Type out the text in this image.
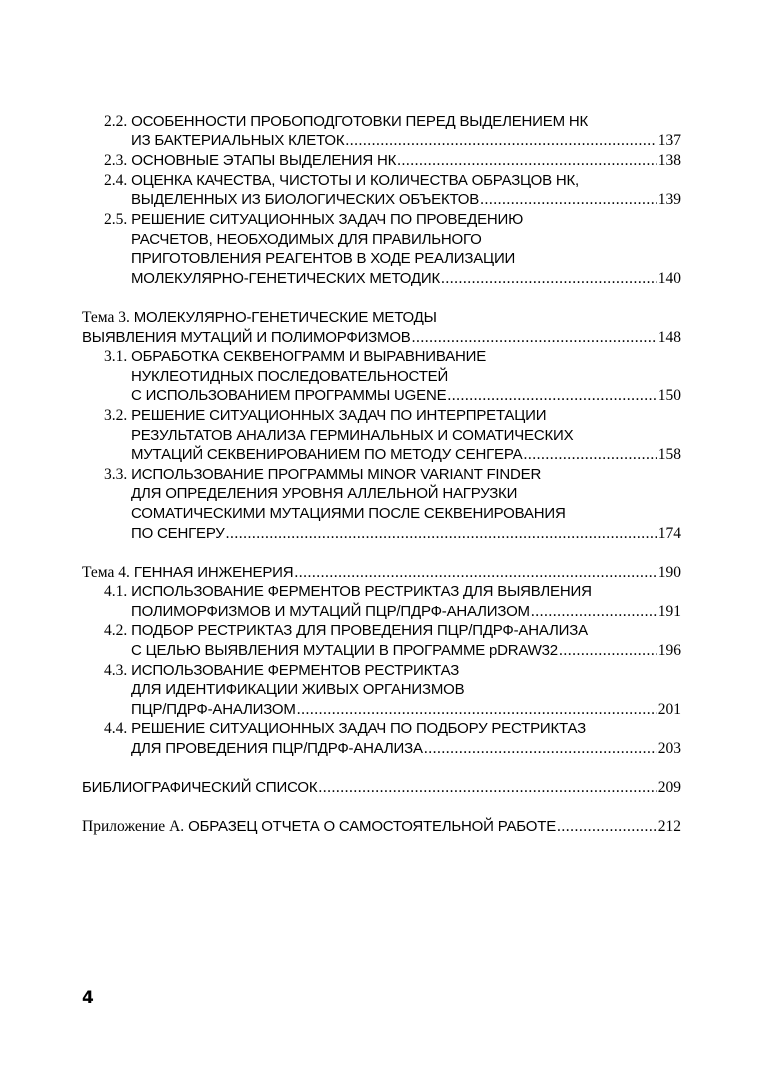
2.2. ОСОБЕННОСТИ ПРОБОПОДГОТОВКИ ПЕРЕД ВЫДЕЛЕНИЕМ НК
ИЗ БАКТЕРИАЛЬНЫХ КЛЕТОК .....	137
2.3. ОСНОВНЫЕ ЭТАПЫ ВЫДЕЛЕНИЯ НК .....	138
2.4. ОЦЕНКА КАЧЕСТВА, ЧИСТОТЫ И КОЛИЧЕСТВА ОБРАЗЦОВ НК,
ВЫДЕЛЕННЫХ ИЗ БИОЛОГИЧЕСКИХ ОБЪЕКТОВ .....	139
2.5. РЕШЕНИЕ СИТУАЦИОННЫХ ЗАДАЧ ПО ПРОВЕДЕНИЮ
РАСЧЕТОВ, НЕОБХОДИМЫХ ДЛЯ ПРАВИЛЬНОГО
ПРИГОТОВЛЕНИЯ РЕАГЕНТОВ В ХОДЕ РЕАЛИЗАЦИИ
МОЛЕКУЛЯРНО-ГЕНЕТИЧЕСКИХ МЕТОДИК .....	140
Тема 3. МОЛЕКУЛЯРНО-ГЕНЕТИЧЕСКИЕ МЕТОДЫ
ВЫЯВЛЕНИЯ МУТАЦИЙ И ПОЛИМОРФИЗМОВ .....	148
3.1. ОБРАБОТКА СЕКВЕНОГРАММ И ВЫРАВНИВАНИЕ
НУКЛЕОТИДНЫХ ПОСЛЕДОВАТЕЛЬНОСТЕЙ
С ИСПОЛЬЗОВАНИЕМ ПРОГРАММЫ UGENE .....	150
3.2. РЕШЕНИЕ СИТУАЦИОННЫХ ЗАДАЧ ПО ИНТЕРПРЕТАЦИИ
РЕЗУЛЬТАТОВ АНАЛИЗА ГЕРМИНАЛЬНЫХ И СОМАТИЧЕСКИХ
МУТАЦИЙ СЕКВЕНИРОВАНИЕМ ПО МЕТОДУ СЕНГЕРА .....	158
3.3. ИСПОЛЬЗОВАНИЕ ПРОГРАММЫ MINOR VARIANT FINDER
ДЛЯ ОПРЕДЕЛЕНИЯ УРОВНЯ АЛЛЕЛЬНОЙ НАГРУЗКИ
СОМАТИЧЕСКИМИ МУТАЦИЯМИ ПОСЛЕ СЕКВЕНИРОВАНИЯ
ПО СЕНГЕРУ .....	174
Тема 4. ГЕННАЯ ИНЖЕНЕРИЯ .....	190
4.1. ИСПОЛЬЗОВАНИЕ ФЕРМЕНТОВ РЕСТРИКТАЗ ДЛЯ ВЫЯВЛЕНИЯ
ПОЛИМОРФИЗМОВ И МУТАЦИЙ ПЦР/ПДРФ-АНАЛИЗОМ .....	191
4.2. ПОДБОР РЕСТРИКТАЗ ДЛЯ ПРОВЕДЕНИЯ ПЦР/ПДРФ-АНАЛИЗА
С ЦЕЛЬЮ ВЫЯВЛЕНИЯ МУТАЦИИ В ПРОГРАММЕ pDRAW32 .....	196
4.3. ИСПОЛЬЗОВАНИЕ ФЕРМЕНТОВ РЕСТРИКТАЗ
ДЛЯ ИДЕНТИФИКАЦИИ ЖИВЫХ ОРГАНИЗМОВ
ПЦР/ПДРФ-АНАЛИЗОМ .....	201
4.4. РЕШЕНИЕ СИТУАЦИОННЫХ ЗАДАЧ ПО ПОДБОРУ РЕСТРИКТАЗ
ДЛЯ ПРОВЕДЕНИЯ ПЦР/ПДРФ-АНАЛИЗА .....	203
БИБЛИОГРАФИЧЕСКИЙ СПИСОК .....	209
Приложение А. ОБРАЗЕЦ ОТЧЕТА О САМОСТОЯТЕЛЬНОЙ РАБОТЕ .....	212
4
